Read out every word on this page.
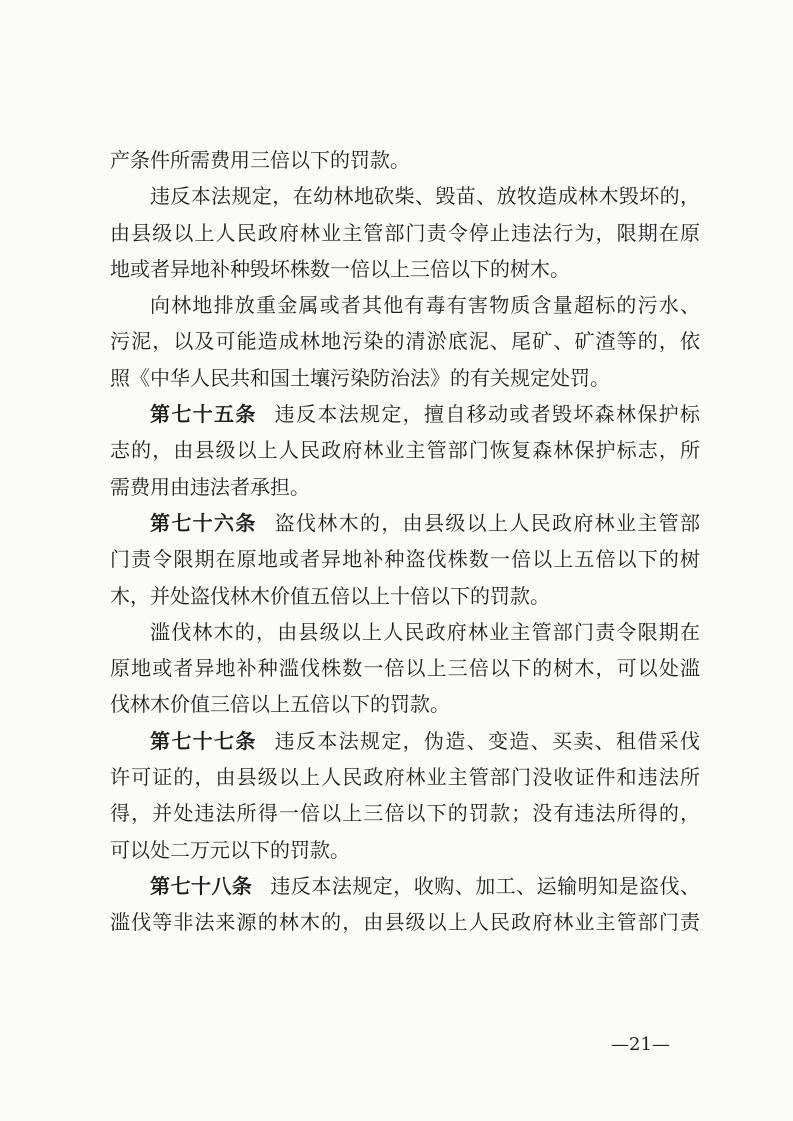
产条件所需费用三倍以下的罚款。

违反本法规定，在幼林地砍柴、毁苗、放牧造成林木毁坏的，

由县级以上人民政府林业主管部门责令停止违法行为，限期在原

地或者异地补种毁坏株数一倍以上三倍以下的树木。

向林地排放重金属或者其他有毒有害物质含量超标的污水、

污泥，以及可能造成林地污染的清淤底泥、尾矿、矿渣等的，依

照《中华人民共和国土壤污染防治法》的有关规定处罚。

第七十五条 违反本法规定，擅自移动或者毁坏森林保护标

志的，由县级以上人民政府林业主管部门恢复森林保护标志，所

需费用由违法者承担。

第七十六条 盗伐林木的，由县级以上人民政府林业主管部

门责令限期在原地或者异地补种盗伐株数一倍以上五倍以下的树

木，并处盗伐林木价值五倍以上十倍以下的罚款。

滥伐林木的，由县级以上人民政府林业主管部门责令限期在

原地或者异地补种滥伐株数一倍以上三倍以下的树木，可以处滥

伐林木价值三倍以上五倍以下的罚款。

第七十七条 违反本法规定，伪造、变造、买卖、租借采伐

许可证的，由县级以上人民政府林业主管部门没收证件和违法所

得，并处违法所得一倍以上三倍以下的罚款；没有违法所得的，

可以处二万元以下的罚款。

第七十八条 违反本法规定，收购、加工、运输明知是盗伐、

滥伐等非法来源的林木的，由县级以上人民政府林业主管部门责

—21—
